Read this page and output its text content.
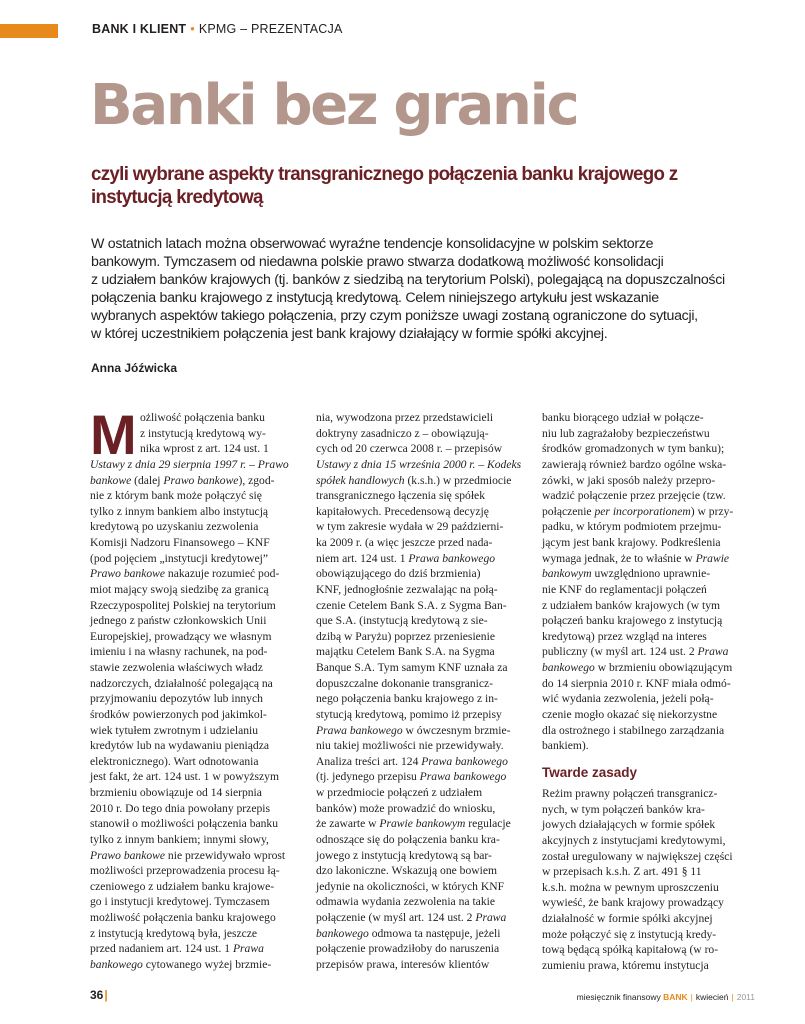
BANK I KLIENT • KPMG – PREZENTACJA
Banki bez granic
czyli wybrane aspekty transgranicznego połączenia banku krajowego z instytucją kredytową
W ostatnich latach można obserwować wyraźne tendencje konsolidacyjne w polskim sektorze
bankowym. Tymczasem od niedawna polskie prawo stwarza dodatkową możliwość konsolidacji
z udziałem banków krajowych (tj. banków z siedzibą na terytorium Polski), polegającą na dopuszczalności
połączenia banku krajowego z instytucją kredytową. Celem niniejszego artykułu jest wskazanie
wybranych aspektów takiego połączenia, przy czym poniższe uwagi zostaną ograniczone do sytuacji,
w której uczestnikiem połączenia jest bank krajowy działający w formie spółki akcyjnej.
Anna Jóźwicka
M ożliwość połączenia banku
z instytucją kredytową wy-
nika wprost z art. 124 ust. 1
Ustawy z dnia 29 sierpnia 1997 r. – Prawo
bankowe (dalej Prawo bankowe), zgod-
nie z którym bank może połączyć się
tylko z innym bankiem albo instytucją
kredytową po uzyskaniu zezwolenia
Komisji Nadzoru Finansowego – KNF
(pod pojęciem „instytucji kredytowej”
Prawo bankowe nakazuje rozumieć pod-
miot mający swoją siedzibę za granicą
Rzeczypospolitej Polskiej na terytorium
jednego z państw członkowskich Unii
Europejskiej, prowadzący we własnym
imieniu i na własny rachunek, na pod-
stawie zezwolenia właściwych władz
nadzorczych, działalność polegającą na
przyjmowaniu depozytów lub innych
środków powierzonych pod jakimkol-
wiek tytułem zwrotnym i udzielaniu
kredytów lub na wydawaniu pieniądza
elektronicznego). Wart odnotowania
jest fakt, że art. 124 ust. 1 w powyższym
brzmieniu obowiązuje od 14 sierpnia
2010 r. Do tego dnia powołany przepis
stanowił o możliwości połączenia banku
tylko z innym bankiem; innymi słowy,
Prawo bankowe nie przewidywało wprost
możliwości przeprowadzenia procesu łą-
czeniowego z udziałem banku krajowe-
go i instytucji kredytowej. Tymczasem
możliwość połączenia banku krajowego
z instytucją kredytową była, jeszcze
przed nadaniem art. 124 ust. 1 Prawa
bankowego cytowanego wyżej brzmie-
nia, wywodzona przez przedstawicieli
doktryny zasadniczo z – obowiązują-
cych od 20 czerwca 2008 r. – przepisów
Ustawy z dnia 15 września 2000 r. – Kodeks
spółek handlowych (k.s.h.) w przedmiocie
transgranicznego łączenia się spółek
kapitałowych. Precedensową decyzję
w tym zakresie wydała w 29 październi-
ka 2009 r. (a więc jeszcze przed nada-
niem art. 124 ust. 1 Prawa bankowego
obowiązującego do dziś brzmienia)
KNF, jednogłośnie zezwalając na połą-
czenie Cetelem Bank S.A. z Sygma Ban-
que S.A. (instytucją kredytową z sie-
dzibą w Paryżu) poprzez przeniesienie
majątku Cetelem Bank S.A. na Sygma
Banque S.A. Tym samym KNF uznała za
dopuszczalne dokonanie transgranicz-
nego połączenia banku krajowego z in-
stytucją kredytową, pomimo iż przepisy
Prawa bankowego w ówczesnym brzmie-
niu takiej możliwości nie przewidywały.
Analiza treści art. 124 Prawa bankowego
(tj. jedynego przepisu Prawa bankowego
w przedmiocie połączeń z udziałem
banków) może prowadzić do wniosku,
że zawarte w Prawie bankowym regulacje
odnoszące się do połączenia banku kra-
jowego z instytucją kredytową są bar-
dzo lakoniczne. Wskazują one bowiem
jedynie na okoliczności, w których KNF
odmawia wydania zezwolenia na takie
połączenie (w myśl art. 124 ust. 2 Prawa
bankowego odmowa ta następuje, jeżeli
połączenie prowadziłoby do naruszenia
przepisów prawa, interesów klientów
banku biorącego udział w połącze-
niu lub zagrażałoby bezpieczeństwu
środków gromadzonych w tym banku);
zawierają również bardzo ogólne wska-
zówki, w jaki sposób należy przepro-
wadzić połączenie przez przejęcie (tzw.
połączenie per incorporationem) w przy-
padku, w którym podmiotem przejmu-
jącym jest bank krajowy. Podkreślenia
wymaga jednak, że to właśnie w Prawie
bankowym uwzględniono uprawnie-
nie KNF do reglamentacji połączeń
z udziałem banków krajowych (w tym
połączeń banku krajowego z instytucją
kredytową) przez wzgląd na interes
publiczny (w myśl art. 124 ust. 2 Prawa
bankowego w brzmieniu obowiązującym
do 14 sierpnia 2010 r. KNF miała odmó-
wić wydania zezwolenia, jeżeli połą-
czenie mogło okazać się niekorzystne
dla ostrożnego i stabilnego zarządzania
bankiem).
Twarde zasady
Reżim prawny połączeń transgranicz-
nych, w tym połączeń banków kra-
jowych działających w formie spółek
akcyjnych z instytucjami kredytowymi,
został uregulowany w największej części
w przepisach k.s.h. Z art. 491 § 11
k.s.h. można w pewnym uproszczeniu
wywieść, że bank krajowy prowadzący
działalność w formie spółki akcyjnej
może połączyć się z instytucją kredy-
tową będącą spółką kapitałową (w ro-
zumieniu prawa, któremu instytucja
36|	miesięcznik finansowy BANK | kwiecień | 2011
